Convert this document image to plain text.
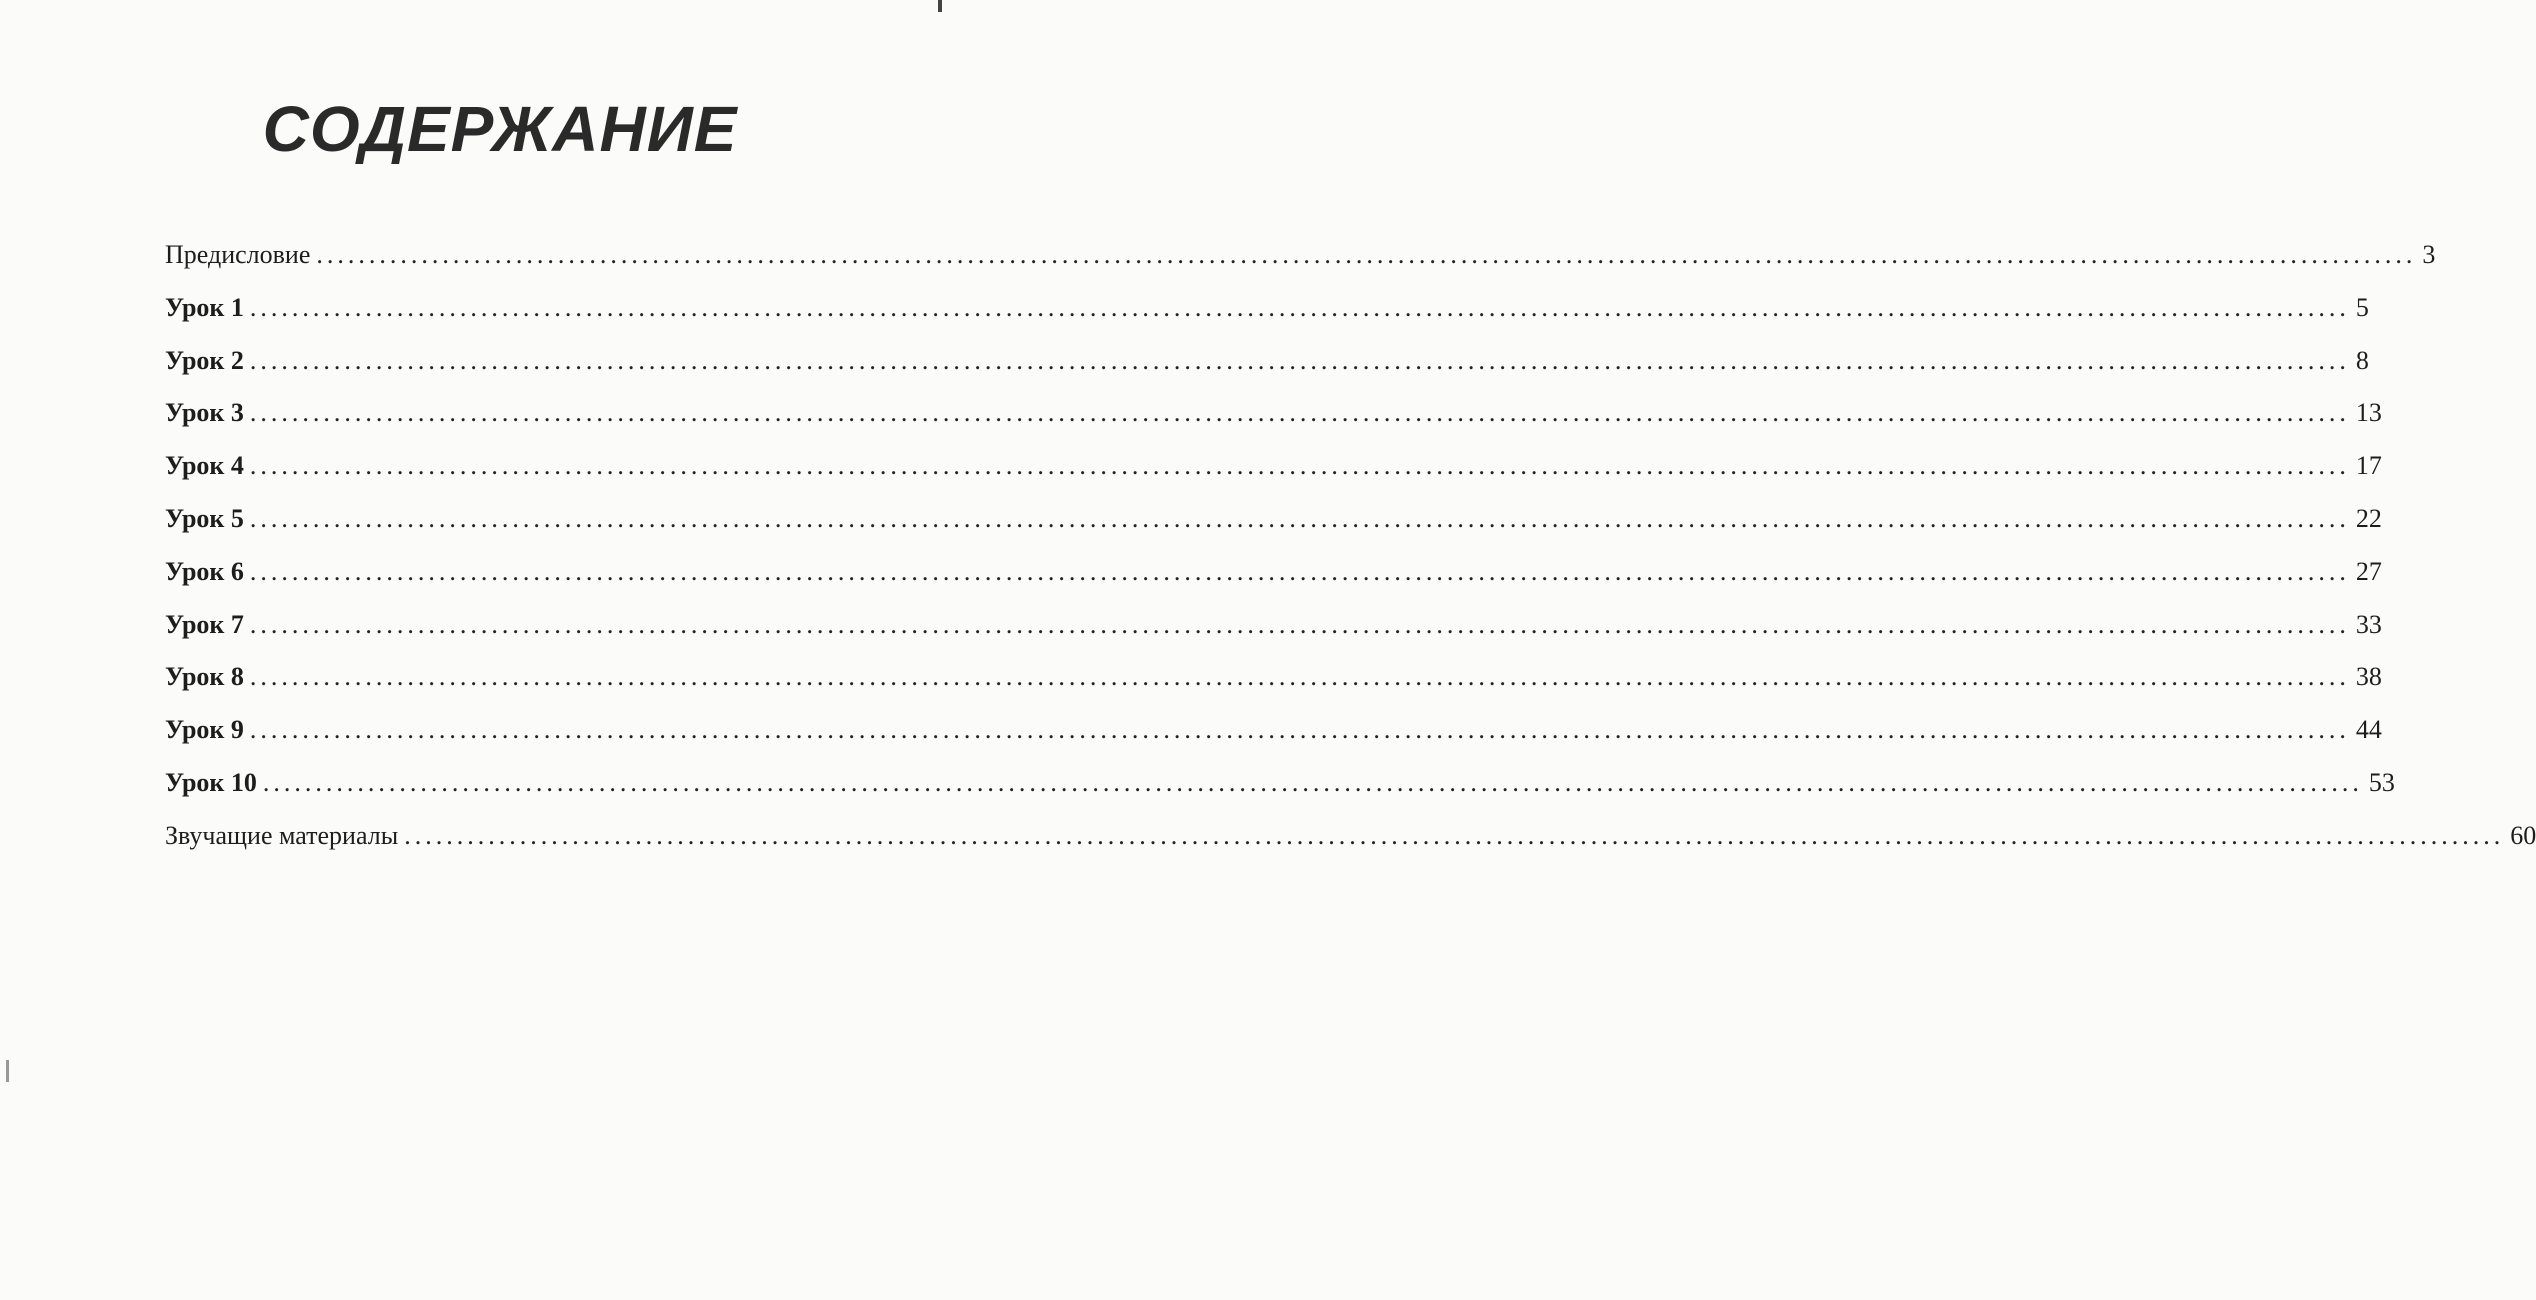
СОДЕРЖАНИЕ
Предисловие ........................................................................................................................................................................................................ 3
Урок 1 ........................................................................................................................................................................................................ 5
Урок 2 ........................................................................................................................................................................................................ 8
Урок 3 ........................................................................................................................................................................................................ 13
Урок 4 ........................................................................................................................................................................................................ 17
Урок 5 ........................................................................................................................................................................................................ 22
Урок 6 ........................................................................................................................................................................................................ 27
Урок 7 ........................................................................................................................................................................................................ 33
Урок 8 ........................................................................................................................................................................................................ 38
Урок 9 ........................................................................................................................................................................................................ 44
Урок 10 ........................................................................................................................................................................................................ 53
Звучащие материалы ........................................................................................................................................................................................................ 60
